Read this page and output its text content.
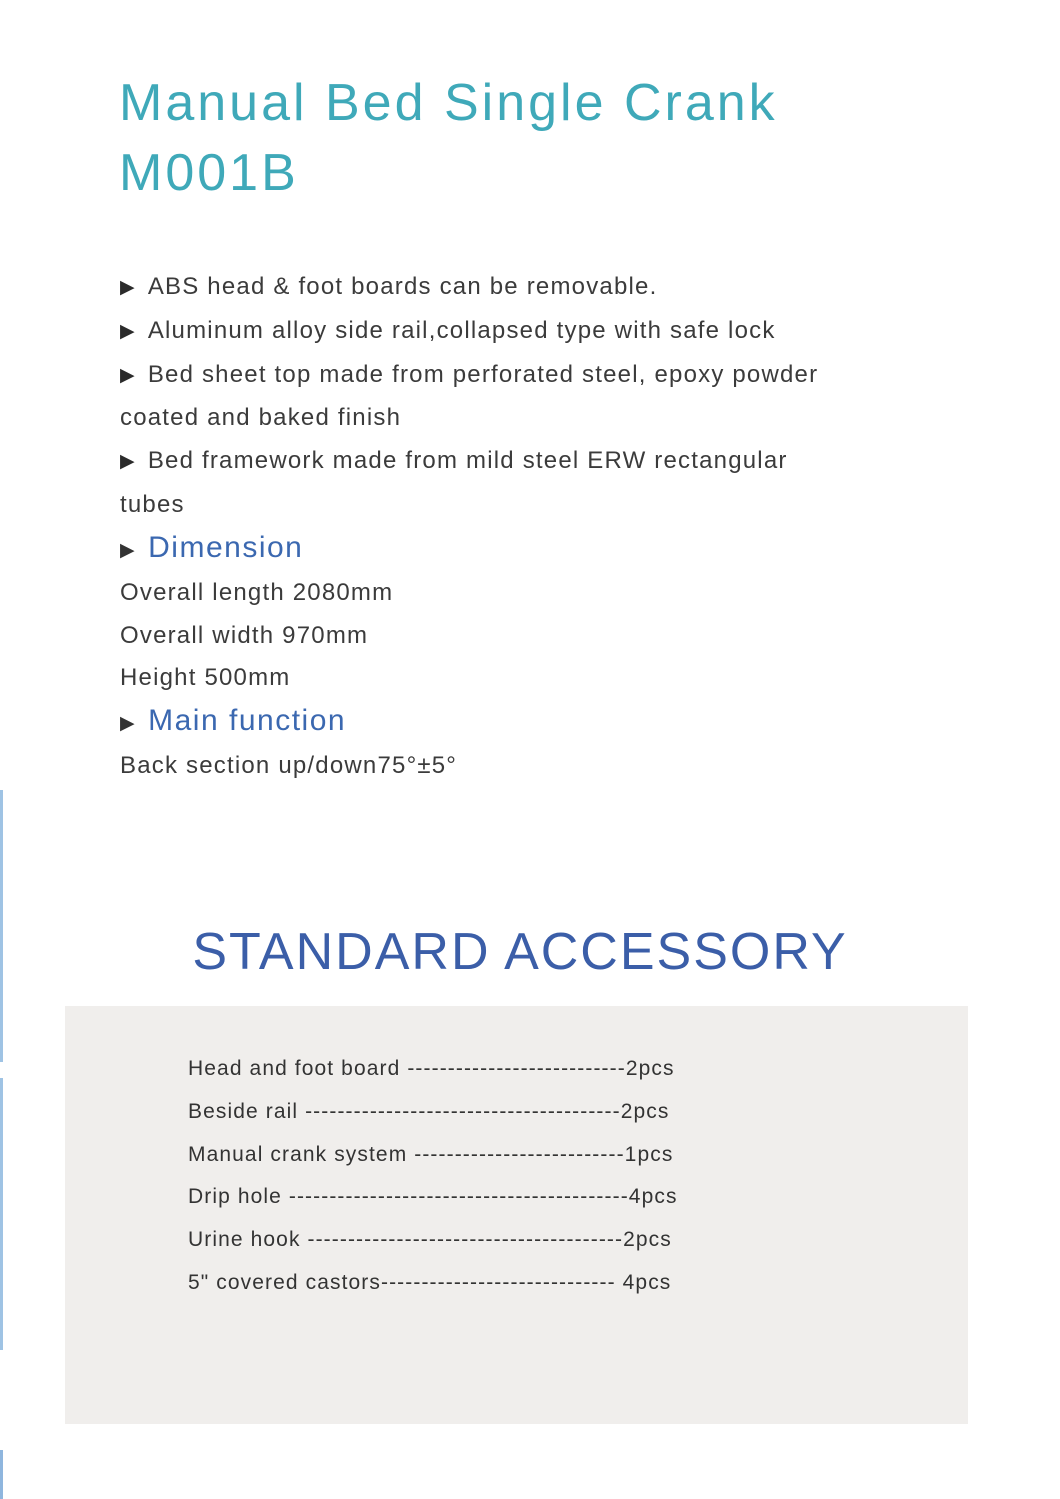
Manual Bed Single Crank
M001B

▶ ABS head & foot boards can be removable.

▶ Aluminum alloy side rail,collapsed type with safe lock

▶ Bed sheet top made from perforated steel, epoxy powder

coated and baked finish

▶ Bed framework made from mild steel ERW rectangular

tubes

▶ Dimension

Overall length 2080mm

Overall width 970mm

Height 500mm

▶ Main function

Back section up/down75°±5°

STANDARD ACCESSORY
Head and foot board ---------------------------2pcs
Beside rail ---------------------------------------2pcs
Manual crank system --------------------------1pcs
Drip hole ------------------------------------------4pcs
Urine hook ---------------------------------------2pcs
5" covered castors----------------------------- 4pcs
